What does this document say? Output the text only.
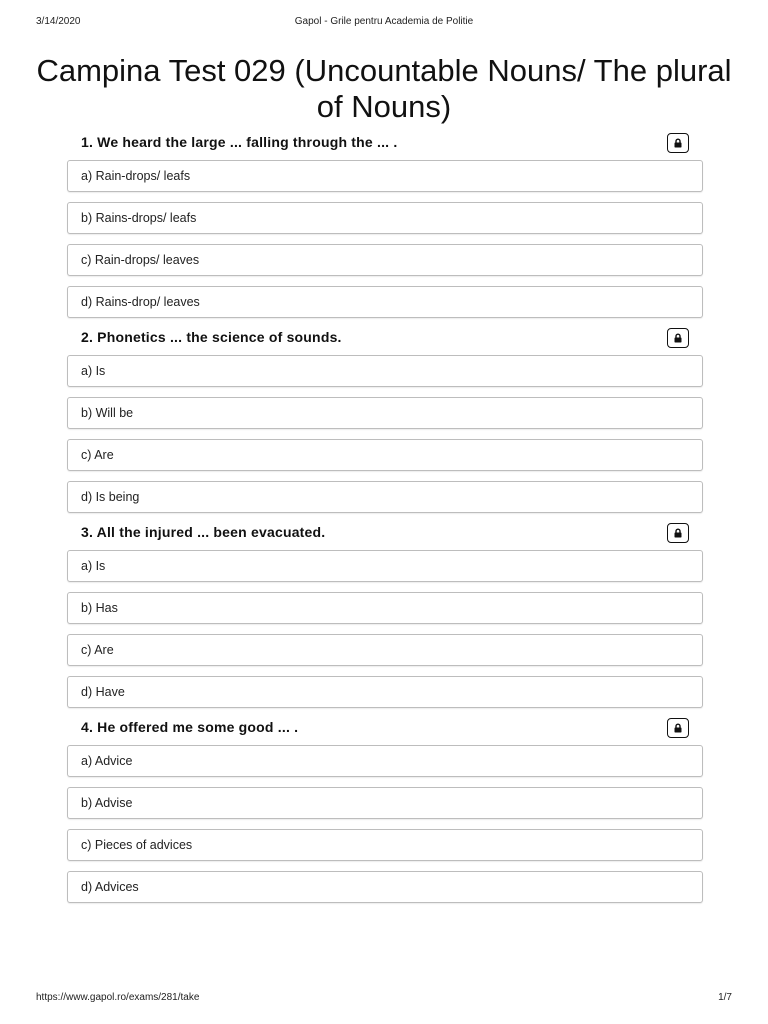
3/14/2020	Gapol - Grile pentru Academia de Politie
Campina Test 029 (Uncountable Nouns/ The plural of Nouns)
1. We heard the large ... falling through the ... .
a) Rain-drops/ leafs
b) Rains-drops/ leafs
c) Rain-drops/ leaves
d) Rains-drop/ leaves
2. Phonetics ... the science of sounds.
a) Is
b) Will be
c) Are
d) Is being
3. All the injured ... been evacuated.
a) Is
b) Has
c) Are
d) Have
4. He offered me some good ... .
a) Advice
b) Advise
c) Pieces of advices
d) Advices
https://www.gapol.ro/exams/281/take	1/7
